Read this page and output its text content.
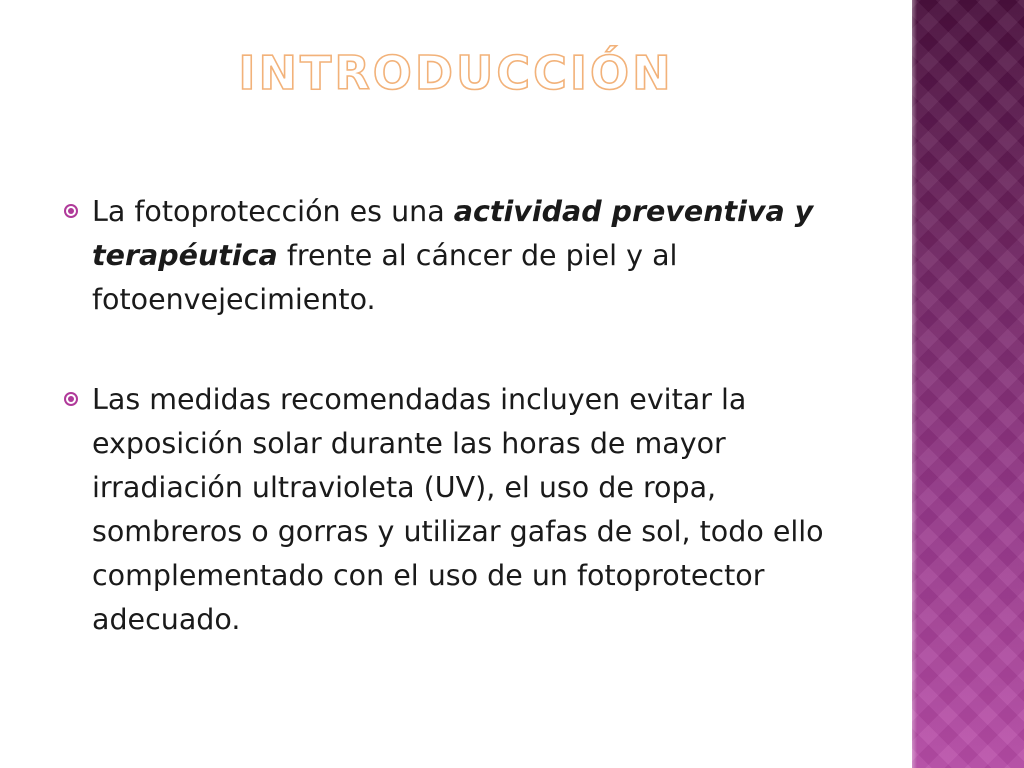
INTRODUCCIÓN
La fotoprotección es una actividad preventiva y terapéutica frente al cáncer de piel y al fotoenvejecimiento.
Las medidas recomendadas incluyen evitar la exposición solar durante las horas de mayor irradiación ultravioleta (UV), el uso de ropa, sombreros o gorras y utilizar gafas de sol, todo ello complementado con el uso de un fotoprotector adecuado.
